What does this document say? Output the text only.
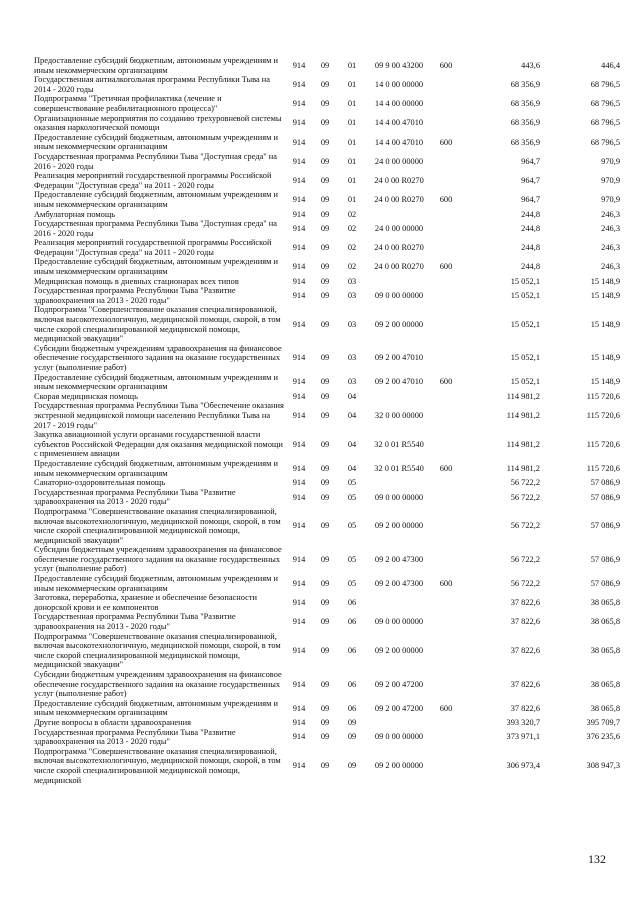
Предоставление субсидий бюджетным, автономным учреждениям и иным некоммерческим организациям	914	09	01	09 9 00 43200	600	443,6	446,4
Государственная антиалкогольная программа Республики Тыва на 2014 - 2020 годы	914	09	01	14 0 00 00000		68 356,9	68 796,5
Подпрограмма "Третичная профилактика (лечение и совершенствование реабилитационного процесса)"	914	09	01	14 4 00 00000		68 356,9	68 796,5
Организационные мероприятия по созданию трехуровневой системы оказания наркологической помощи	914	09	01	14 4 00 47010		68 356,9	68 796,5
Предоставление субсидий бюджетным, автономным учреждениям и иным некоммерческим организациям	914	09	01	14 4 00 47010	600	68 356,9	68 796,5
Государственная программа Республики Тыва "Доступная среда" на 2016 - 2020 годы	914	09	01	24 0 00 00000		964,7	970,9
Реализация мероприятий государственной программы Российской Федерации "Доступная среда" на 2011 - 2020 годы	914	09	01	24 0 00 R0270		964,7	970,9
Предоставление субсидий бюджетным, автономным учреждениям и иным некоммерческим организациям	914	09	01	24 0 00 R0270	600	964,7	970,9
Амбулаторная помощь	914	09	02			244,8	246,3
Государственная программа Республики Тыва "Доступная среда" на 2016 - 2020 годы	914	09	02	24 0 00 00000		244,8	246,3
Реализация мероприятий государственной программы Российской Федерации "Доступная среда" на 2011 - 2020 годы	914	09	02	24 0 00 R0270		244,8	246,3
Предоставление субсидий бюджетным, автономным учреждениям и иным некоммерческим организациям	914	09	02	24 0 00 R0270	600	244,8	246,3
Медицинская помощь в дневных стационарах всех типов	914	09	03			15 052,1	15 148,9
Государственная программа Республики Тыва "Развитие здравоохранения на 2013 - 2020 годы"	914	09	03	09 0 00 00000		15 052,1	15 148,9
Подпрограмма "Совершенствование оказания специализированной, включая высокотехнологичную, медицинской помощи, скорой, в том числе скорой специализированной медицинской помощи, медицинской эвакуации"	914	09	03	09 2 00 00000		15 052,1	15 148,9
Субсидии бюджетным учреждениям здравоохранения на финансовое обеспечение государственного задания на оказание государственных услуг (выполнение работ)	914	09	03	09 2 00 47010		15 052,1	15 148,9
Предоставление субсидий бюджетным, автономным учреждениям и иным некоммерческим организациям	914	09	03	09 2 00 47010	600	15 052,1	15 148,9
Скорая медицинская помощь	914	09	04			114 981,2	115 720,6
Государственная программа Республики Тыва "Обеспечение оказания экстренной медицинской помощи населению Республики Тыва на 2017 - 2019 годы"	914	09	04	32 0 00 00000		114 981,2	115 720,6
Закупка авиационной услуги органами государственной власти субъектов Российской Федерации для оказания медицинской помощи с применением авиации	914	09	04	32 0 01 R5540		114 981,2	115 720,6
Предоставление субсидий бюджетным, автономным учреждениям и иным некоммерческим организациям	914	09	04	32 0 01 R5540	600	114 981,2	115 720,6
Санаторно-оздоровительная помощь	914	09	05			56 722,2	57 086,9
Государственная программа Республики Тыва "Развитие здравоохранения на 2013 - 2020 годы"	914	09	05	09 0 00 00000		56 722,2	57 086,9
Подпрограмма "Совершенствование оказания специализированной, включая высокотехнологичную, медицинской помощи, скорой, в том числе скорой специализированной медицинской помощи, медицинской эвакуации"	914	09	05	09 2 00 00000		56 722,2	57 086,9
Субсидии бюджетным учреждениям здравоохранения на финансовое обеспечение государственного задания на оказание государственных услуг (выполнение работ)	914	09	05	09 2 00 47300		56 722,2	57 086,9
Предоставление субсидий бюджетным, автономным учреждениям и иным некоммерческим организациям	914	09	05	09 2 00 47300	600	56 722,2	57 086,9
Заготовка, переработка, хранение и обеспечение безопасности донорской крови и ее компонентов	914	09	06			37 822,6	38 065,8
Государственная программа Республики Тыва "Развитие здравоохранения на 2013 - 2020 годы"	914	09	06	09 0 00 00000		37 822,6	38 065,8
Подпрограмма "Совершенствование оказания специализированной, включая высокотехнологичную, медицинской помощи, скорой, в том числе скорой специализированной медицинской помощи, медицинской эвакуации"	914	09	06	09 2 00 00000		37 822,6	38 065,8
Субсидии бюджетным учреждениям здравоохранения на финансовое обеспечение государственного задания на оказание государственных услуг (выполнение работ)	914	09	06	09 2 00 47200		37 822,6	38 065,8
Предоставление субсидий бюджетным, автономным учреждениям и иным некоммерческим организациям	914	09	06	09 2 00 47200	600	37 822,6	38 065,8
Другие вопросы в области здравоохранения	914	09	09			393 320,7	395 709,7
Государственная программа Республики Тыва "Развитие здравоохранения на 2013 - 2020 годы"	914	09	09	09 0 00 00000		373 971,1	376 235,6
Подпрограмма "Совершенствование оказания специализированной, включая высокотехнологичную, медицинской помощи, скорой, в том числе скорой специализированной медицинской помощи, медицинской	914	09	09	09 2 00 00000		306 973,4	308 947,3
132
